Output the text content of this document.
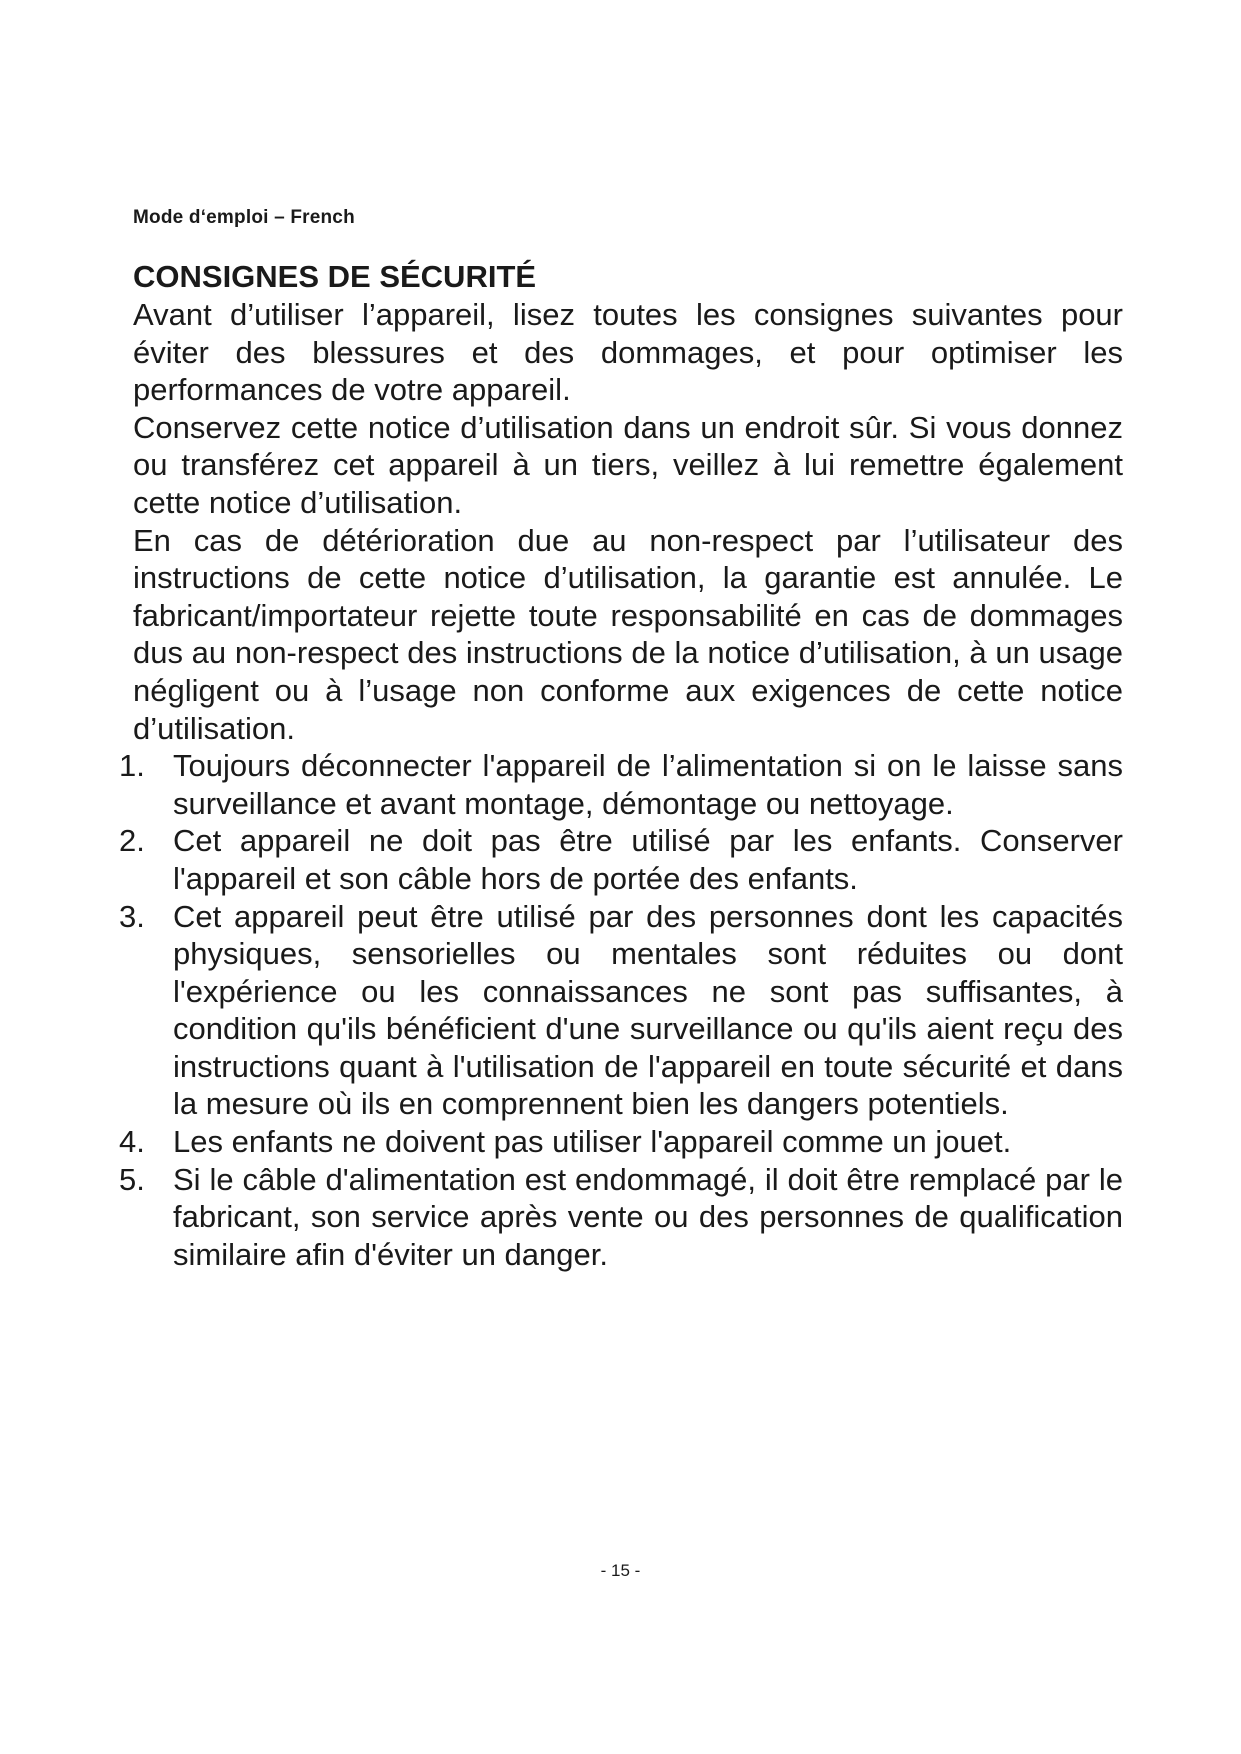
Mode d‘emploi – French
CONSIGNES DE SÉCURITÉ

Avant d’utiliser l’appareil, lisez toutes les consignes suivantes pour éviter des blessures et des dommages, et pour optimiser les performances de votre appareil.

Conservez cette notice d’utilisation dans un endroit sûr. Si vous donnez ou transférez cet appareil à un tiers, veillez à lui remettre également cette notice d’utilisation.

En cas de détérioration due au non-respect par l’utilisateur des instructions de cette notice d’utilisation, la garantie est annulée. Le fabricant/importateur rejette toute responsabilité en cas de dommages dus au non-respect des instructions de la notice d’utilisation, à un usage négligent ou à l’usage non conforme aux exigences de cette notice d’utilisation.

1. Toujours déconnecter l'appareil de l’alimentation si on le laisse sans surveillance et avant montage, démontage ou nettoyage.
2. Cet appareil ne doit pas être utilisé par les enfants. Conserver l'appareil et son câble hors de portée des enfants.
3. Cet appareil peut être utilisé par des personnes dont les capacités physiques, sensorielles ou mentales sont réduites ou dont l'expérience ou les connaissances ne sont pas suffisantes, à condition qu'ils bénéficient d'une surveillance ou qu'ils aient reçu des instructions quant à l'utilisation de l'appareil en toute sécurité et dans la mesure où ils en comprennent bien les dangers potentiels.
4. Les enfants ne doivent pas utiliser l'appareil comme un jouet.
5. Si le câble d'alimentation est endommagé, il doit être remplacé par le fabricant, son service après vente ou des personnes de qualification similaire afin d'éviter un danger.
- 15 -
